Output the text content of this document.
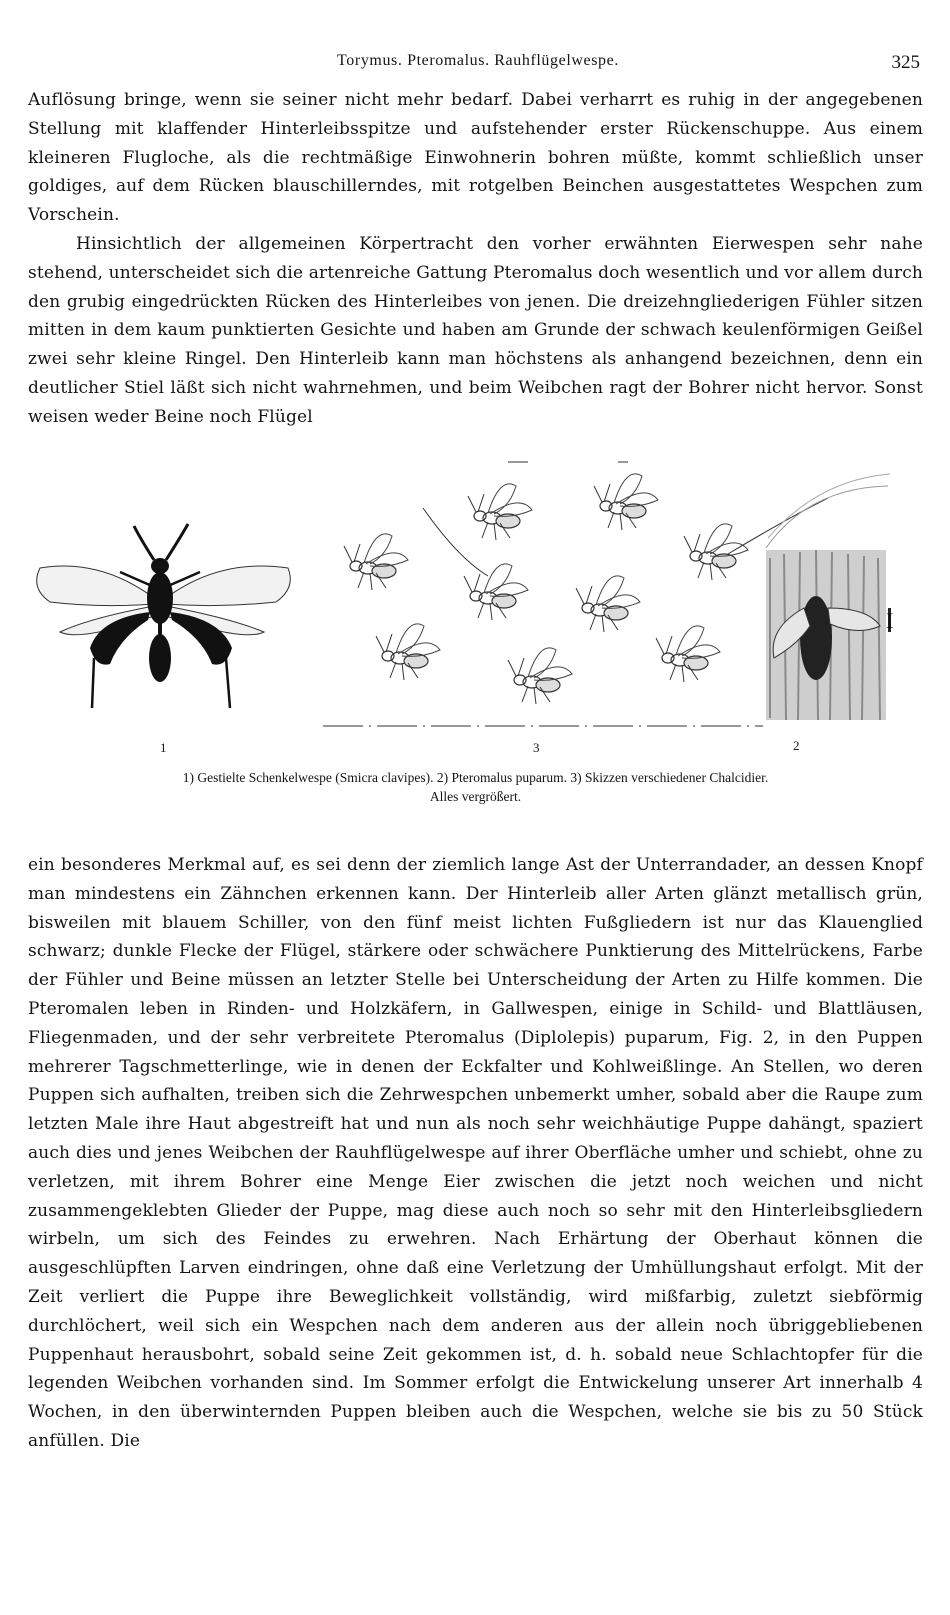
Torymus. Pteromalus. Rauhflügelwespe.	325

Auflösung bringe, wenn sie seiner nicht mehr bedarf. Dabei verharrt es ruhig in der angegebenen Stellung mit klaffender Hinterleibsspitze und aufstehender erster Rückenschuppe. Aus einem kleineren Flugloche, als die rechtmäßige Einwohnerin bohren müßte, kommt schließlich unser goldiges, auf dem Rücken blauschillerndes, mit rotgelben Beinchen ausgestattetes Wespchen zum Vorschein.

Hinsichtlich der allgemeinen Körpertracht den vorher erwähnten Eierwespen sehr nahe stehend, unterscheidet sich die artenreiche Gattung Pteromalus doch wesentlich und vor allem durch den grubig eingedrückten Rücken des Hinterleibes von jenen. Die dreizehngliederigen Fühler sitzen mitten in dem kaum punktierten Gesichte und haben am Grunde der schwach keulenförmigen Geißel zwei sehr kleine Ringel. Den Hinterleib kann man höchstens als anhangend bezeichnen, denn ein deutlicher Stiel läßt sich nicht wahrnehmen, und beim Weibchen ragt der Bohrer nicht hervor. Sonst weisen weder Beine noch Flügel

1	3	2
I
1) Gestielte Schenkelwespe (Smicra clavipes). 2) Pteromalus puparum. 3) Skizzen verschiedener Chalcidier.
Alles vergrößert.

ein besonderes Merkmal auf, es sei denn der ziemlich lange Ast der Unterrandader, an dessen Knopf man mindestens ein Zähnchen erkennen kann. Der Hinterleib aller Arten glänzt metallisch grün, bisweilen mit blauem Schiller, von den fünf meist lichten Fußgliedern ist nur das Klauenglied schwarz; dunkle Flecke der Flügel, stärkere oder schwächere Punktierung des Mittelrückens, Farbe der Fühler und Beine müssen an letzter Stelle bei Unterscheidung der Arten zu Hilfe kommen. Die Pteromalen leben in Rinden- und Holzkäfern, in Gallwespen, einige in Schild- und Blattläusen, Fliegenmaden, und der sehr verbreitete Pteromalus (Diplolepis) puparum, Fig. 2, in den Puppen mehrerer Tagschmetterlinge, wie in denen der Eckfalter und Kohlweißlinge. An Stellen, wo deren Puppen sich aufhalten, treiben sich die Zehrwespchen unbemerkt umher, sobald aber die Raupe zum letzten Male ihre Haut abgestreift hat und nun als noch sehr weichhäutige Puppe dahängt, spaziert auch dies und jenes Weibchen der Rauhflügelwespe auf ihrer Oberfläche umher und schiebt, ohne zu verletzen, mit ihrem Bohrer eine Menge Eier zwischen die jetzt noch weichen und nicht zusammengeklebten Glieder der Puppe, mag diese auch noch so sehr mit den Hinterleibsgliedern wirbeln, um sich des Feindes zu erwehren. Nach Erhärtung der Oberhaut können die ausgeschlüpften Larven eindringen, ohne daß eine Verletzung der Umhüllungshaut erfolgt. Mit der Zeit verliert die Puppe ihre Beweglichkeit vollständig, wird mißfarbig, zuletzt siebförmig durchlöchert, weil sich ein Wespchen nach dem anderen aus der allein noch übriggebliebenen Puppenhaut herausbohrt, sobald seine Zeit gekommen ist, d. h. sobald neue Schlachtopfer für die legenden Weibchen vorhanden sind. Im Sommer erfolgt die Entwickelung unserer Art innerhalb 4 Wochen, in den überwinternden Puppen bleiben auch die Wespchen, welche sie bis zu 50 Stück anfüllen. Die
